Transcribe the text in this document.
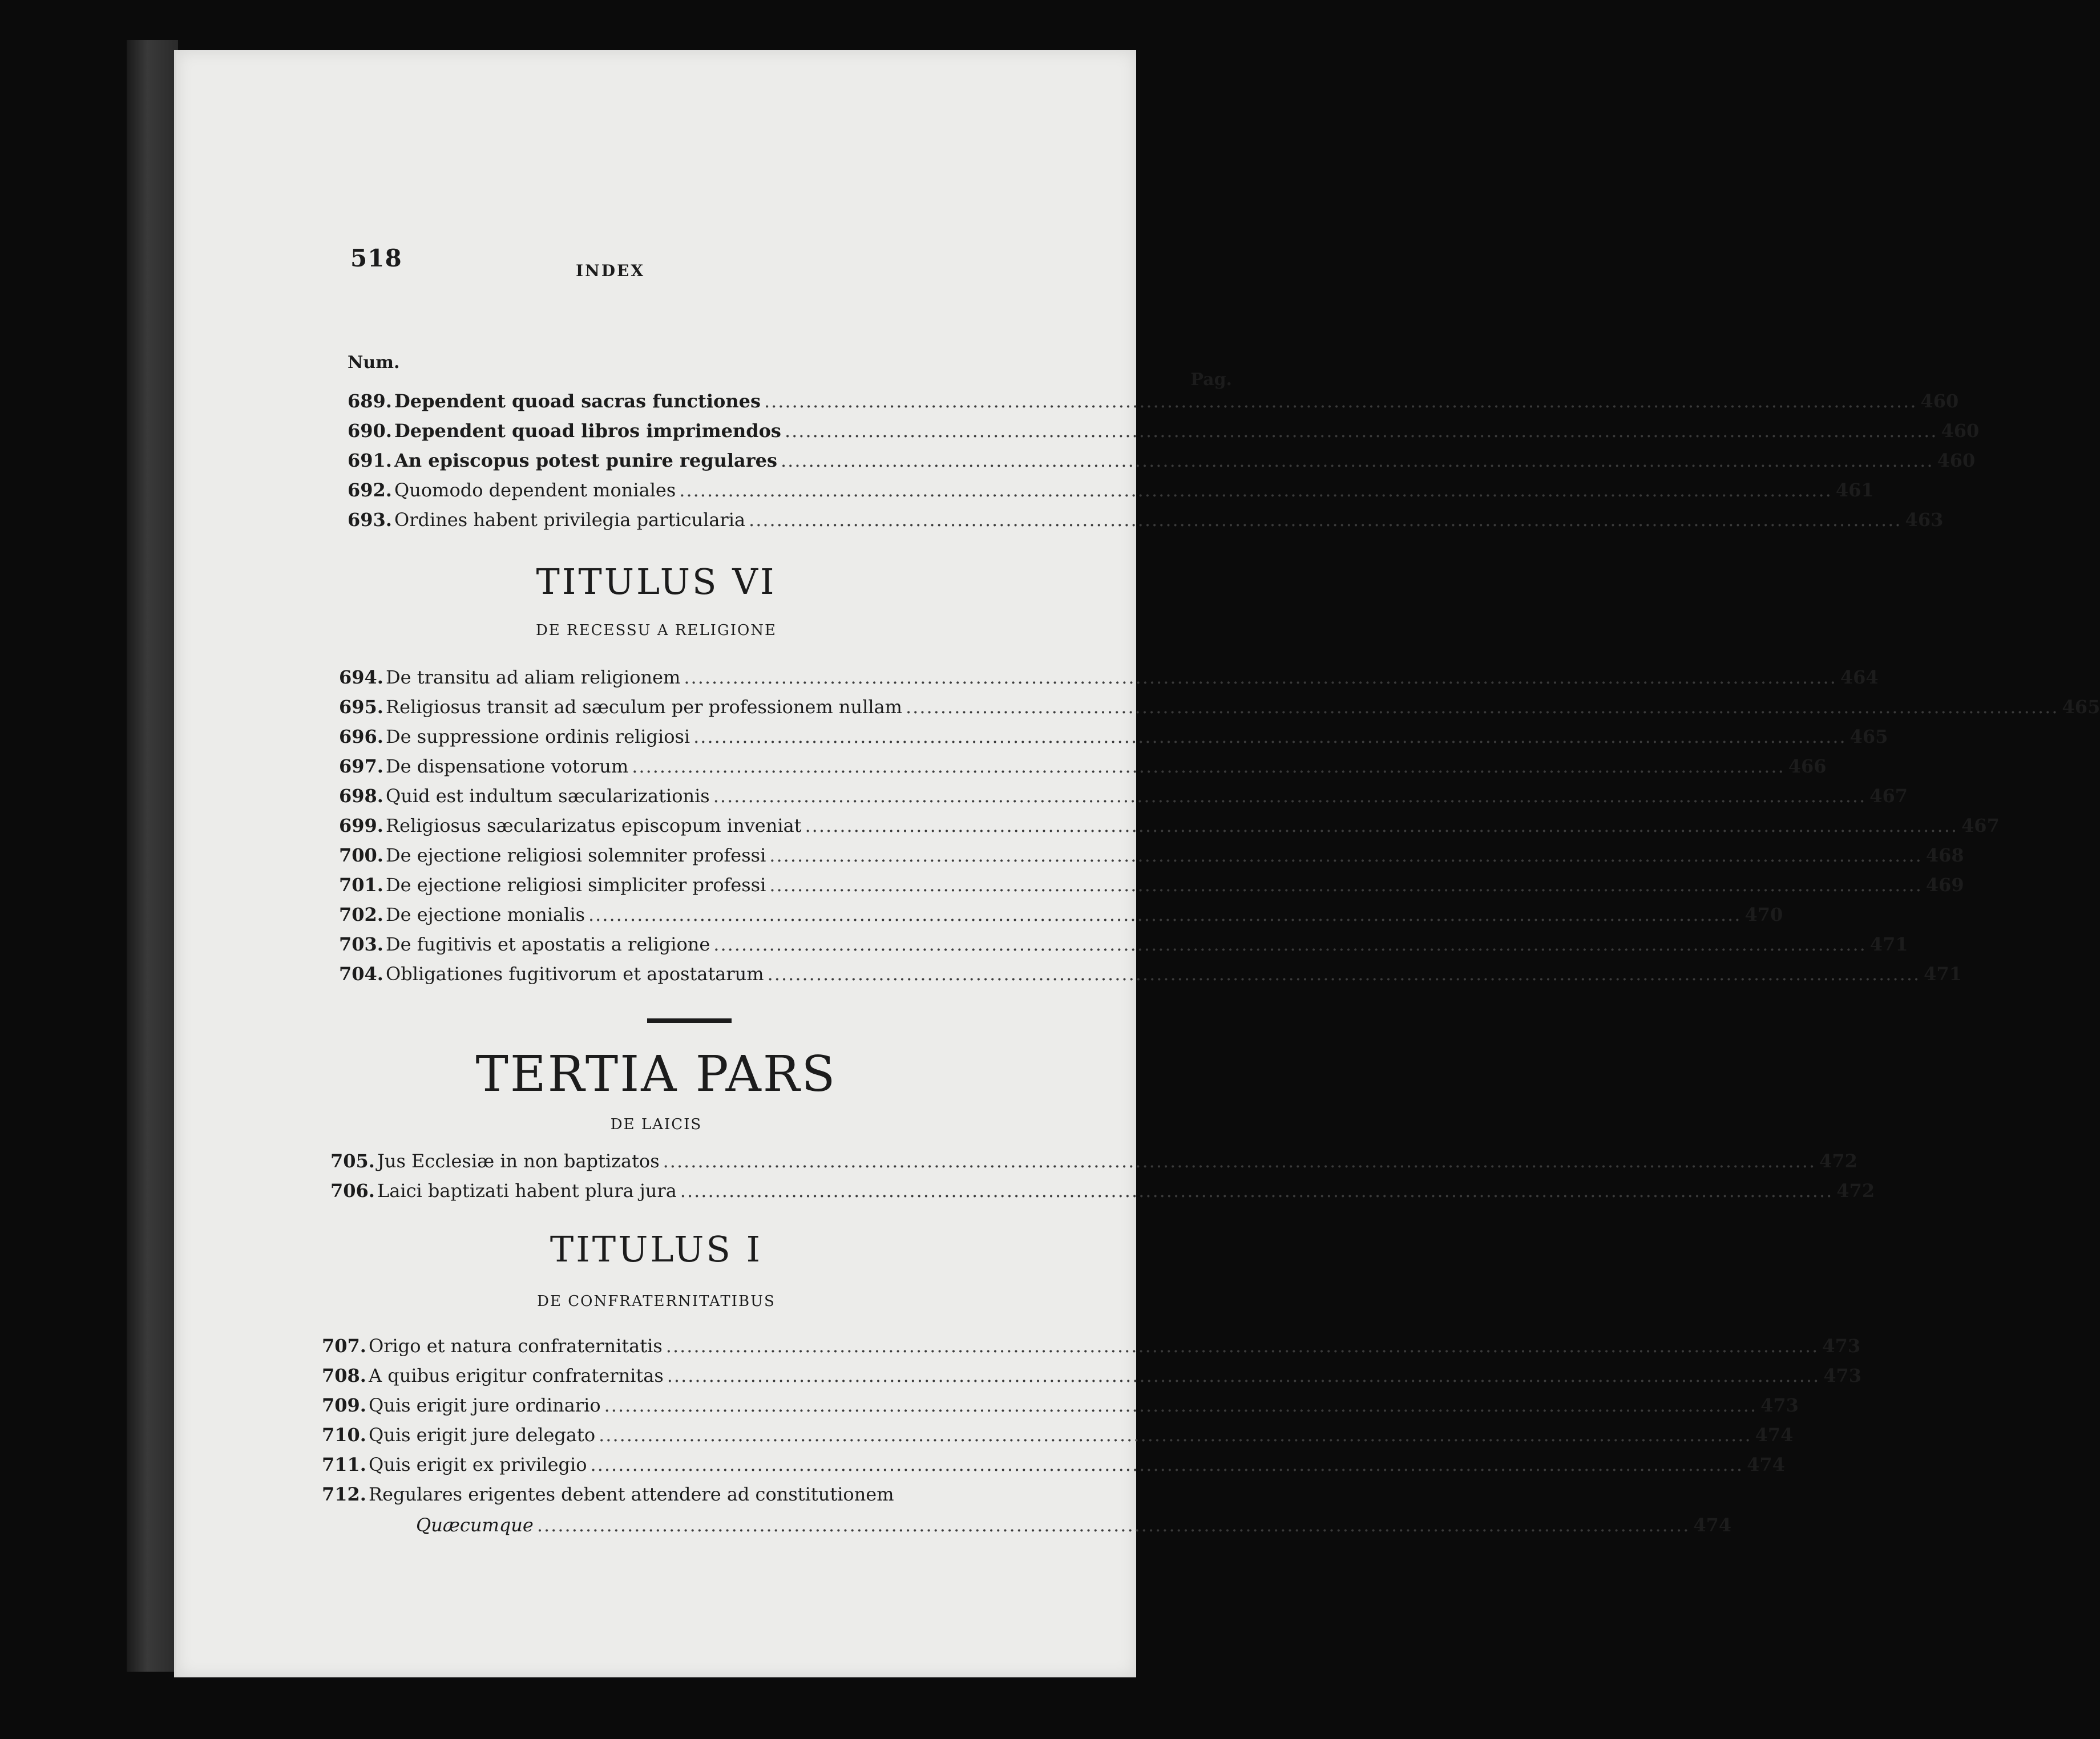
518	INDEX
Num.
Pag.
689. Dependent quoad sacras functiones .....	460
690. Dependent quoad libros imprimendos .....	460
691. An episcopus potest punire regulares .....	460
692. Quomodo dependent moniales .....	461
693. Ordines habent privilegia particularia .....	463
TITULUS VI
DE RECESSU A RELIGIONE
694. De transitu ad aliam religionem .....	464
695. Religiosus transit ad sæculum per professionem nullam .....	465
696. De suppressione ordinis religiosi .....	465
697. De dispensatione votorum .....	466
698. Quid est indultum sæcularizationis .....	467
699. Religiosus sæcularizatus episcopum inveniat .....	467
700. De ejectione religiosi solemniter professi .....	468
701. De ejectione religiosi simpliciter professi .....	469
702. De ejectione monialis .....	470
703. De fugitivis et apostatis a religione .....	471
704. Obligationes fugitivorum et apostatarum .....	471
TERTIA PARS
DE LAICIS
705. Jus Ecclesiæ in non baptizatos .....	472
706. Laici baptizati habent plura jura .....	472
TITULUS I
DE CONFRATERNITATIBUS
707. Origo et natura confraternitatis .....	473
708. A quibus erigitur confraternitas .....	473
709. Quis erigit jure ordinario .....	473
710. Quis erigit jure delegato .....	474
711. Quis erigit ex privilegio .....	474
712. Regulares erigentes debent attendere ad constitutionem
Quæcumque .....	474
